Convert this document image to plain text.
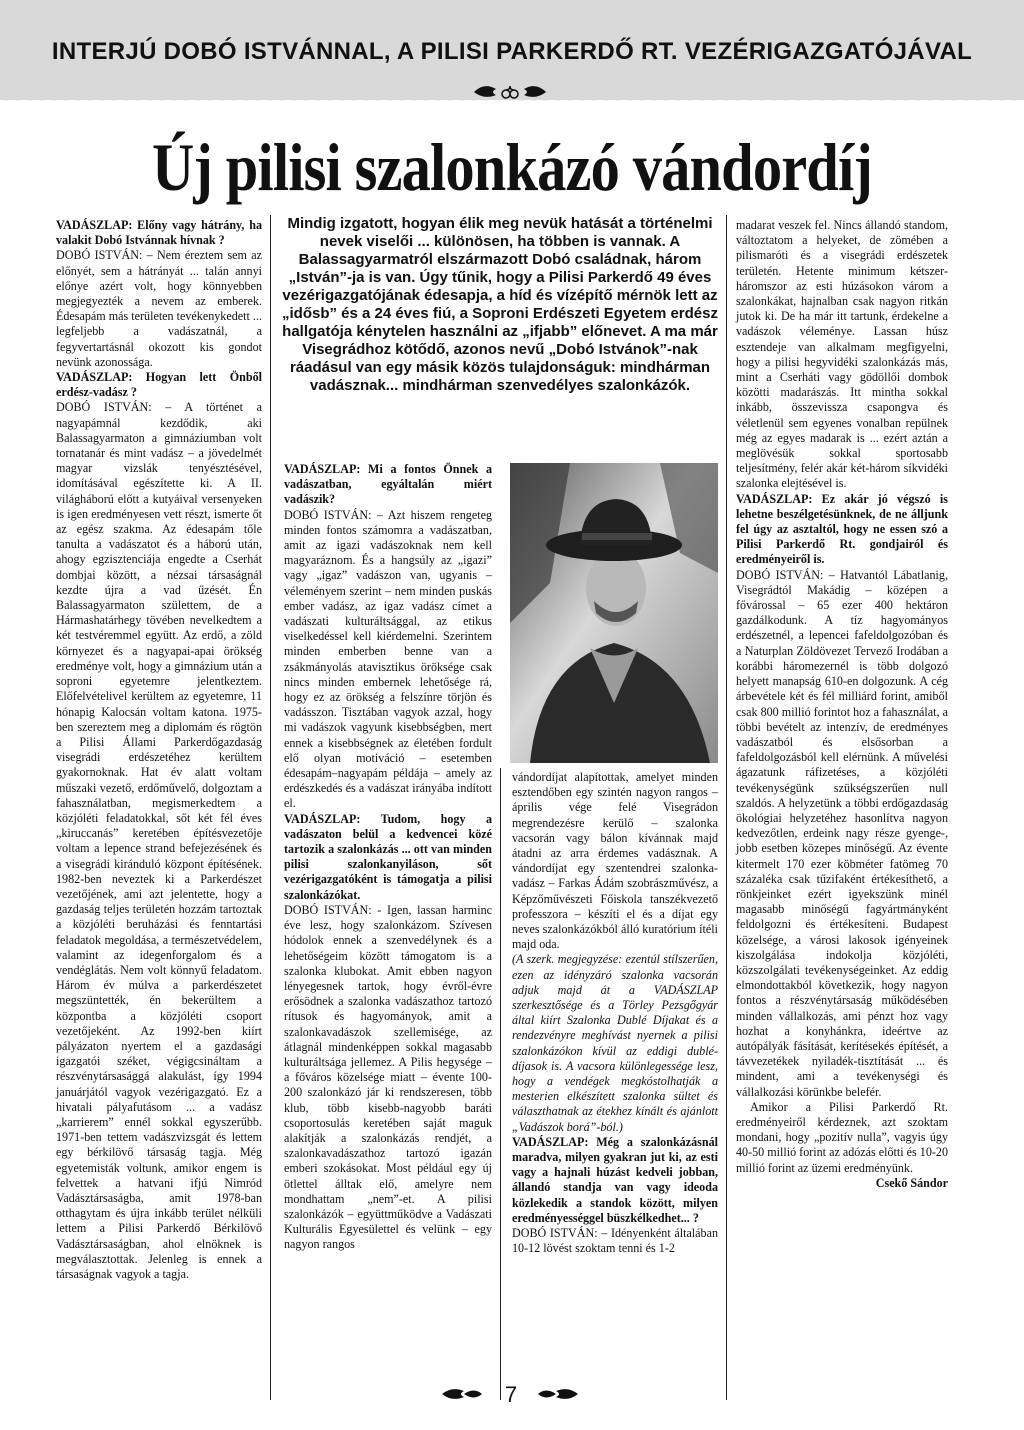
INTERJÚ DOBÓ ISTVÁNNAL, A PILISI PARKERDŐ RT. VEZÉRIGAZGATÓJÁVAL
Új pilisi szalonkázó vándordíj

VADÁSZLAP: Előny vagy hátrány, ha valakit Dobó Istvánnak hívnak ?

DOBÓ ISTVÁN: – Nem éreztem sem az előnyét, sem a hátrányát ... talán annyi előnye azért volt, hogy könnyebben megjegyezték a nevem az emberek. Édesapám más területen tevékenykedett ... legfeljebb a vadászatnál, a fegyvertartásnál okozott kis gondot nevünk azonossága.

VADÁSZLAP: Hogyan lett Önből erdész-vadász ?

DOBÓ ISTVÁN: – A történet a nagyapámnál kezdődik, aki Balassagyarmaton a gimnáziumban volt tornatanár és mint vadász – a jövedelmét magyar vizslák tenyésztésével, idomításával egészítette ki. A II. világháború előtt a kutyáival versenyeken is igen eredményesen vett részt, ismerte őt az egész szakma. Az édesapám tőle tanulta a vadászatot és a háború után, ahogy egzisztenciája engedte a Cserhát dombjai között, a nézsai társaságnál kezdte újra a vad űzését. Én Balassagyarmaton születtem, de a Hármashatárhegy tövében nevelkedtem a két testvéremmel együtt. Az erdő, a zöld környezet és a nagyapai-apai örökség eredménye volt, hogy a gimnázium után a soproni egyetemre jelentkeztem. Előfelvételivel kerültem az egyetemre, 11 hónapig Kalocsán voltam katona. 1975-ben szereztem meg a diplomám és rögtön a Pilisi Állami Parkerdőgazdaság visegrádi erdészetéhez kerültem gyakornoknak. Hat év alatt voltam műszaki vezető, erdőművelő, dolgoztam a fahasználatban, megismerkedtem a közjóléti feladatokkal, sőt két fél éves „kiruccanás” keretében építésvezetője voltam a lepence strand befejezésének és a visegrádi kiránduló központ építésének. 1982-ben neveztek ki a Parkerdészet vezetőjének, ami azt jelentette, hogy a gazdaság teljes területén hozzám tartoztak a közjóléti beruházási és fenntartási feladatok megoldása, a természetvédelem, valamint az idegenforgalom és a vendéglátás. Nem volt könnyű feladatom. Három év múlva a parkerdészetet megszüntették, én bekerültem a központba a közjóléti csoport vezetőjeként. Az 1992-ben kiírt pályázaton nyertem el a gazdasági igazgatói széket, végigcsináltam a részvénytársasággá alakulást, így 1994 januárjától vagyok vezérigazgató. Ez a hivatali pályafutásom ... a vadász „karrierem” ennél sokkal egyszerűbb. 1971-ben tettem vadászvizsgát és lettem egy bérkilövő társaság tagja. Még egyetemisták voltunk, amikor engem is felvettek a hatvani ifjú Nimród Vadásztársaságba, amit 1978-ban otthagytam és újra inkább terület nélküli lettem a Pilisi Parkerdő Bérkilövő Vadásztársaságban, ahol elnöknek is megválasztottak. Jelenleg is ennek a társaságnak vagyok a tagja.

Mindig izgatott, hogyan élik meg nevük hatását a történelmi nevek viselői ... különösen, ha többen is vannak. A Balassagyarmatról elszármazott Dobó családnak, három „István”-ja is van. Úgy tűnik, hogy a Pilisi Parkerdő 49 éves vezérigazgatójának édesapja, a híd és vízépítő mérnök lett az „idősb” és a 24 éves fiú, a Soproni Erdészeti Egyetem erdész hallgatója kénytelen használni az „ifjabb” előnevet. A ma már Visegrádhoz kötődő, azonos nevű „Dobó Istvánok”-nak ráadásul van egy másik közös tulajdonságuk: mindhárman vadásznak... mindhárman szenvedélyes szalonkázók.

VADÁSZLAP: Mi a fontos Önnek a vadászatban, egyáltalán miért vadászik?

DOBÓ ISTVÁN: – Azt hiszem rengeteg minden fontos számomra a vadászatban, amit az igazi vadászoknak nem kell magyaráznom. És a hangsúly az „igazi” vagy „igaz” vadászon van, ugyanis – véleményem szerint – nem minden puskás ember vadász, az igaz vadász címet a vadászati kulturáltsággal, az etikus viselkedéssel kell kiérdemelni. Szerintem minden emberben benne van a zsákmányolás atavisztikus öröksége csak nincs minden embernek lehetősége rá, hogy ez az örökség a felszínre törjön és vadásszon. Tisztában vagyok azzal, hogy mi vadászok vagyunk kisebbségben, mert ennek a kisebbségnek az életében fordult elő olyan motiváció – esetemben édesapám–nagyapám példája – amely az erdészkedés és a vadászat irányába indított el.

VADÁSZLAP: Tudom, hogy a vadászaton belül a kedvencei közé tartozik a szalonkázás ... ott van minden pilisi szalonkanyiláson, sőt vezérigazgatóként is támogatja a pilisi szalonkázókat.

DOBÓ ISTVÁN: - Igen, lassan harminc éve lesz, hogy szalonkázom. Szívesen hódolok ennek a szenvedélynek és a lehetőségeim között támogatom is a szalonka klubokat. Amit ebben nagyon lényegesnek tartok, hogy évről-évre erősödnek a szalonka vadászathoz tartozó rítusok és hagyományok, amit a szalonkavadászok szellemisége, az átlagnál mindenképpen sokkal magasabb kulturáltsága jellemez. A Pilis hegysége – a főváros közelsége miatt – évente 100-200 szalonkázó jár ki rendszeresen, több klub, több kisebb-nagyobb baráti csoportosulás keretében saját maguk alakítják a szalonkázás rendjét, a szalonkavadászathoz tartozó igazán emberi szokásokat. Most például egy új ötlettel álltak elő, amelyre nem mondhattam „nem”-et. A pilisi szalonkázók – együttműködve a Vadászati Kulturális Egyesülettel és velünk – egy nagyon rangos

vándordíjat alapítottak, amelyet minden esztendőben egy szintén nagyon rangos – április vége felé Visegrádon megrendezésre kerülő – szalonka vacsorán vagy bálon kívánnak majd átadni az arra érdemes vadásznak. A vándordíjat egy szentendrei szalonka-vadász – Farkas Ádám szobrászművész, a Képzőművészeti Főiskola tanszékvezető professzora – készíti el és a díjat egy neves szalonkázókból álló kuratórium ítéli majd oda.

(A szerk. megjegyzése: ezentúl stílszerűen, ezen az idényzáró szalonka vacsorán adjuk majd át a VADÁSZLAP szerkesztősége és a Törley Pezsgőgyár által kiírt Szalonka Dublé Díjakat és a rendezvényre meghívást nyernek a pilisi szalonkázókon kívül az eddigi dublé-díjasok is. A vacsora különlegessége lesz, hogy a vendégek megkóstolhatják a mesterien elkészített szalonka sültet és választhatnak az étekhez kínált és ajánlott „Vadászok borá”-ból.)

VADÁSZLAP: Még a szalonkázásnál maradva, milyen gyakran jut ki, az esti vagy a hajnali húzást kedveli jobban, állandó standja van vagy ideoda közlekedik a standok között, milyen eredményességgel büszkélkedhet... ?

DOBÓ ISTVÁN: – Idényenként általában 10-12 lövést szoktam tenni és 1-2

madarat veszek fel. Nincs állandó standom, változtatom a helyeket, de zömében a pilismaróti és a visegrádi erdészetek területén. Hetente minimum kétszer-háromszor az esti húzásokon várom a szalonkákat, hajnalban csak nagyon ritkán jutok ki. De ha már itt tartunk, érdekelne a vadászok véleménye. Lassan húsz esztendeje van alkalmam megfigyelni, hogy a pilisi hegyvidéki szalonkázás más, mint a Cserháti vagy gödöllői dombok közötti madarászás. Itt mintha sokkal inkább, összevissza csapongva és véletlenül sem egyenes vonalban repülnek még az egyes madarak is ... ezért aztán a meglövésük sokkal sportosabb teljesítmény, felér akár két-három síkvidéki szalonka elejtésével is.

VADÁSZLAP: Ez akár jó végszó is lehetne beszélgetésünknek, de ne álljunk fel úgy az asztaltól, hogy ne essen szó a Pilisi Parkerdő Rt. gondjairól és eredményeiről is.

DOBÓ ISTVÁN: – Hatvantól Lábatlanig, Visegrádtól Makádig – középen a fővárossal – 65 ezer 400 hektáron gazdálkodunk. A tíz hagyományos erdészetnél, a lepencei fafeldolgozóban és a Naturplan Zöldövezet Tervező Irodában a korábbi háromezernél is több dolgozó helyett manapság 610-en dolgozunk. A cég árbevétele két és fél milliárd forint, amiből csak 800 millió forintot hoz a fahasználat, a többi bevételt az intenzív, de eredményes vadászatból és elsősorban a fafeldolgozásból kell elérnünk. A művelési ágazatunk ráfizetéses, a közjóléti tevékenységünk szükségszerűen null szaldós. A helyzetünk a többi erdőgazdaság ökológiai helyzetéhez hasonlítva nagyon kedvezőtlen, erdeink nagy része gyenge-, jobb esetben közepes minőségű. Az évente kitermelt 170 ezer köbméter fatömeg 70 százaléka csak tűzifaként értékesíthető, a rönkjeinket ezért igyekszünk minél magasabb minőségű fagyártmányként feldolgozni és értékesíteni. Budapest közelsége, a városi lakosok igényeinek kiszolgálása indokolja közjóléti, közszolgálati tevékenységeinket. Az eddig elmondottakból következik, hogy nagyon fontos a részvénytársaság működésében minden vállalkozás, ami pénzt hoz vagy hozhat a konyhánkra, ideértve az autópályák fásítását, kerítésekés építését, a távvezetékek nyiladék-tisztítását ... és mindent, ami a tevékenységi és vállalkozási körünkbe belefér.

Amikor a Pilisi Parkerdő Rt. eredményeiről kérdeznek, azt szoktam mondani, hogy „pozitív nulla”, vagyis úgy 40-50 millió forint az adózás előtti és 10-20 millió forint az üzemi eredményünk.

Csekő Sándor

7
